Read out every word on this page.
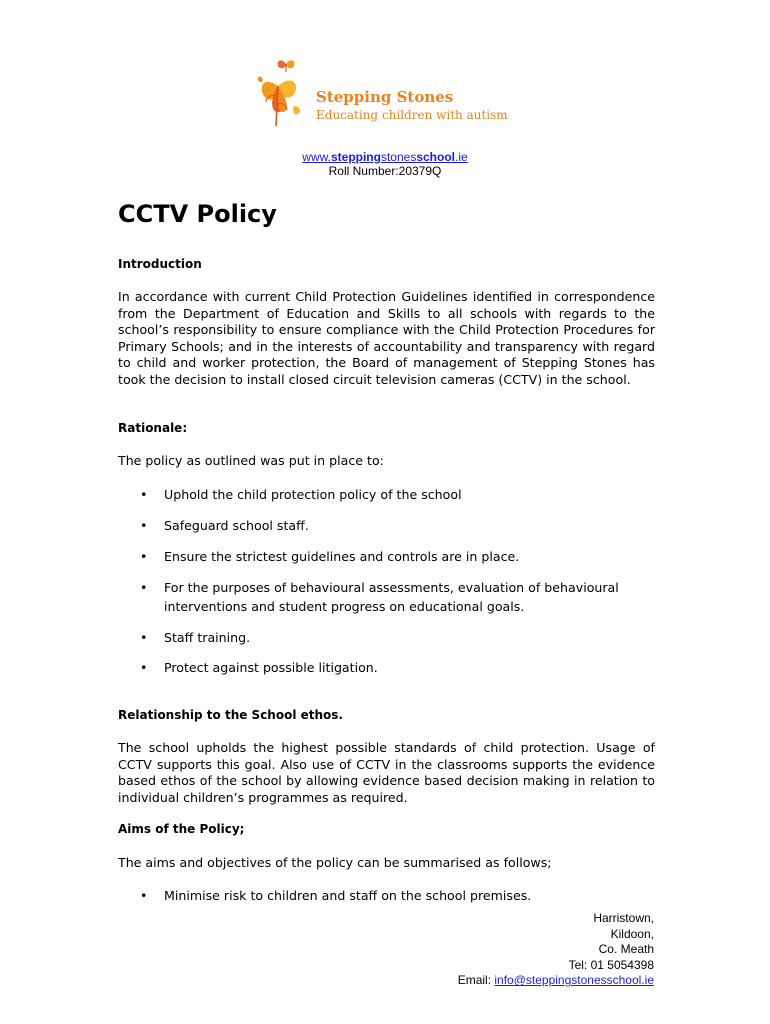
Stepping Stones
Educating children with autism
www.steppingstonesschool.ie
Roll Number:20379Q
CCTV Policy
Introduction
In accordance with current Child Protection Guidelines identified in correspondence from the Department of Education and Skills to all schools with regards to the school’s responsibility to ensure compliance with the Child Protection Procedures for Primary Schools; and in the interests of accountability and transparency with regard to child and worker protection, the Board of management of Stepping Stones has took the decision to install closed circuit television cameras (CCTV) in the school.
Rationale:
The policy as outlined was put in place to:
• Uphold the child protection policy of the school
• Safeguard school staff.
• Ensure the strictest guidelines and controls are in place.
• For the purposes of behavioural assessments, evaluation of behavioural interventions and student progress on educational goals.
• Staff training.
• Protect against possible litigation.
Relationship to the School ethos.
The school upholds the highest possible standards of child protection. Usage of CCTV supports this goal. Also use of CCTV in the classrooms supports the evidence based ethos of the school by allowing evidence based decision making in relation to individual children’s programmes as required.
Aims of the Policy;
The aims and objectives of the policy can be summarised as follows;
• Minimise risk to children and staff on the school premises.
Harristown,
Kildoon,
Co. Meath
Tel: 01 5054398
Email: info@steppingstonesschool.ie
